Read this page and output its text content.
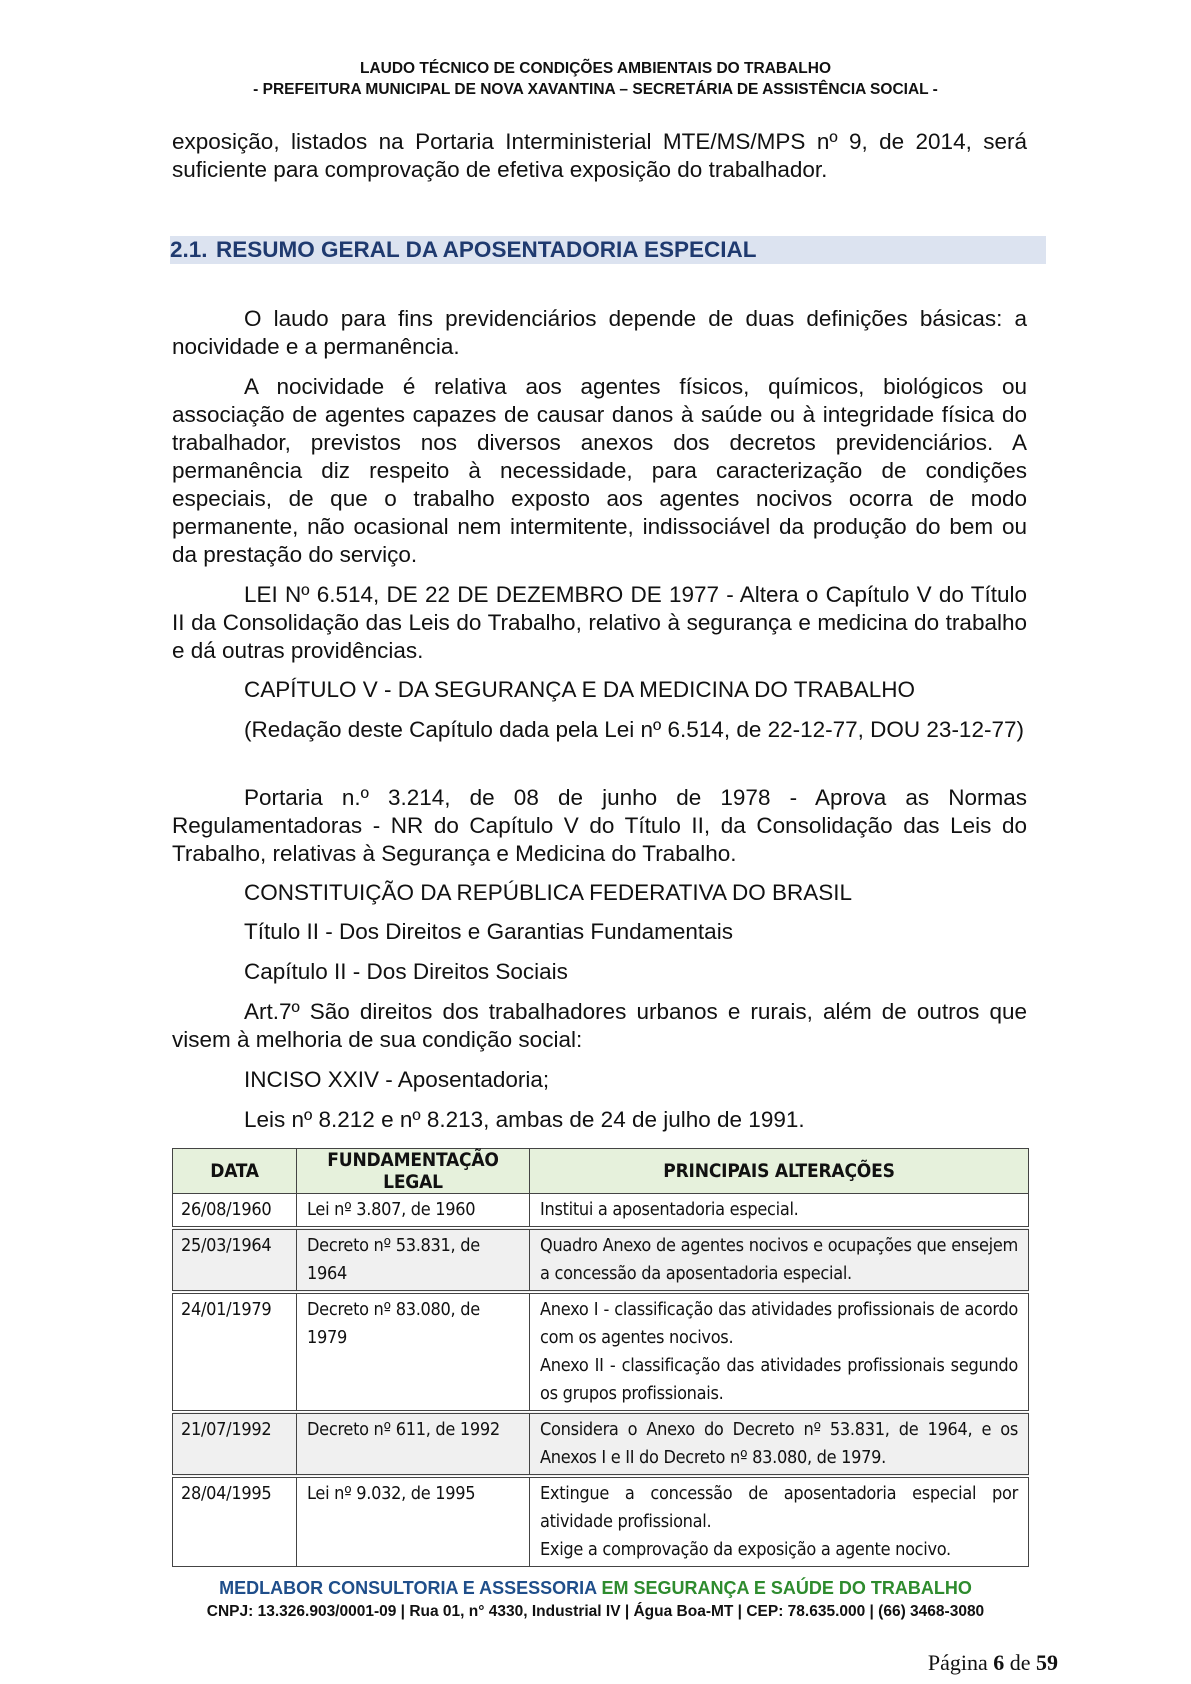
LAUDO TÉCNICO DE CONDIÇÕES AMBIENTAIS DO TRABALHO
- PREFEITURA MUNICIPAL DE NOVA XAVANTINA – SECRETÁRIA DE ASSISTÊNCIA SOCIAL -

exposição, listados na Portaria Interministerial MTE/MS/MPS nº 9, de 2014, será suficiente para comprovação de efetiva exposição do trabalhador.

O laudo para fins previdenciários depende de duas definições básicas: a nocividade e a permanência.

A nocividade é relativa aos agentes físicos, químicos, biológicos ou associação de agentes capazes de causar danos à saúde ou à integridade física do trabalhador, previstos nos diversos anexos dos decretos previdenciários. A permanência diz respeito à necessidade, para caracterização de condições especiais, de que o trabalho exposto aos agentes nocivos ocorra de modo permanente, não ocasional nem intermitente, indissociável da produção do bem ou da prestação do serviço.

LEI Nº 6.514, DE 22 DE DEZEMBRO DE 1977 - Altera o Capítulo V do Título II da Consolidação das Leis do Trabalho, relativo à segurança e medicina do trabalho e dá outras providências.

CAPÍTULO V - DA SEGURANÇA E DA MEDICINA DO TRABALHO

(Redação deste Capítulo dada pela Lei nº 6.514, de 22-12-77, DOU 23-12-77)

Portaria n.º 3.214, de 08 de junho de 1978 - Aprova as Normas Regulamentadoras - NR do Capítulo V do Título II, da Consolidação das Leis do Trabalho, relativas à Segurança e Medicina do Trabalho.

CONSTITUIÇÃO DA REPÚBLICA FEDERATIVA DO BRASIL

Título II - Dos Direitos e Garantias Fundamentais

Capítulo II - Dos Direitos Sociais

Art.7º São direitos dos trabalhadores urbanos e rurais, além de outros que visem à melhoria de sua condição social:

INCISO XXIV - Aposentadoria;

Leis nº 8.212 e nº 8.213, ambas de 24 de julho de 1991.

2.1. RESUMO GERAL DA APOSENTADORIA ESPECIAL
DATA	FUNDAMENTAÇÃO LEGAL	PRINCIPAIS ALTERAÇÕES
26/08/1960	Lei nº 3.807, de 1960	Institui a aposentadoria especial.

25/03/1964	Decreto nº 53.831, de 1964	Quadro Anexo de agentes nocivos e ocupações que ensejem a concessão da aposentadoria especial.

24/01/1979	Decreto nº 83.080, de 1979	Anexo I - classificação das atividades profissionais de acordo com os agentes nocivos.
Anexo II - classificação das atividades profissionais segundo os grupos profissionais.

21/07/1992	Decreto nº 611, de 1992	Considera o Anexo do Decreto nº 53.831, de 1964, e os Anexos I e II do Decreto nº 83.080, de 1979.

28/04/1995	Lei nº 9.032, de 1995	Extingue a concessão de aposentadoria especial por atividade profissional.
Exige a comprovação da exposição a agente nocivo.
MEDLABOR CONSULTORIA E ASSESSORIA EM SEGURANÇA E SAÚDE DO TRABALHO
CNPJ: 13.326.903/0001-09 | Rua 01, n° 4330, Industrial IV | Água Boa-MT | CEP: 78.635.000 | (66) 3468-3080
Página 6 de 59
